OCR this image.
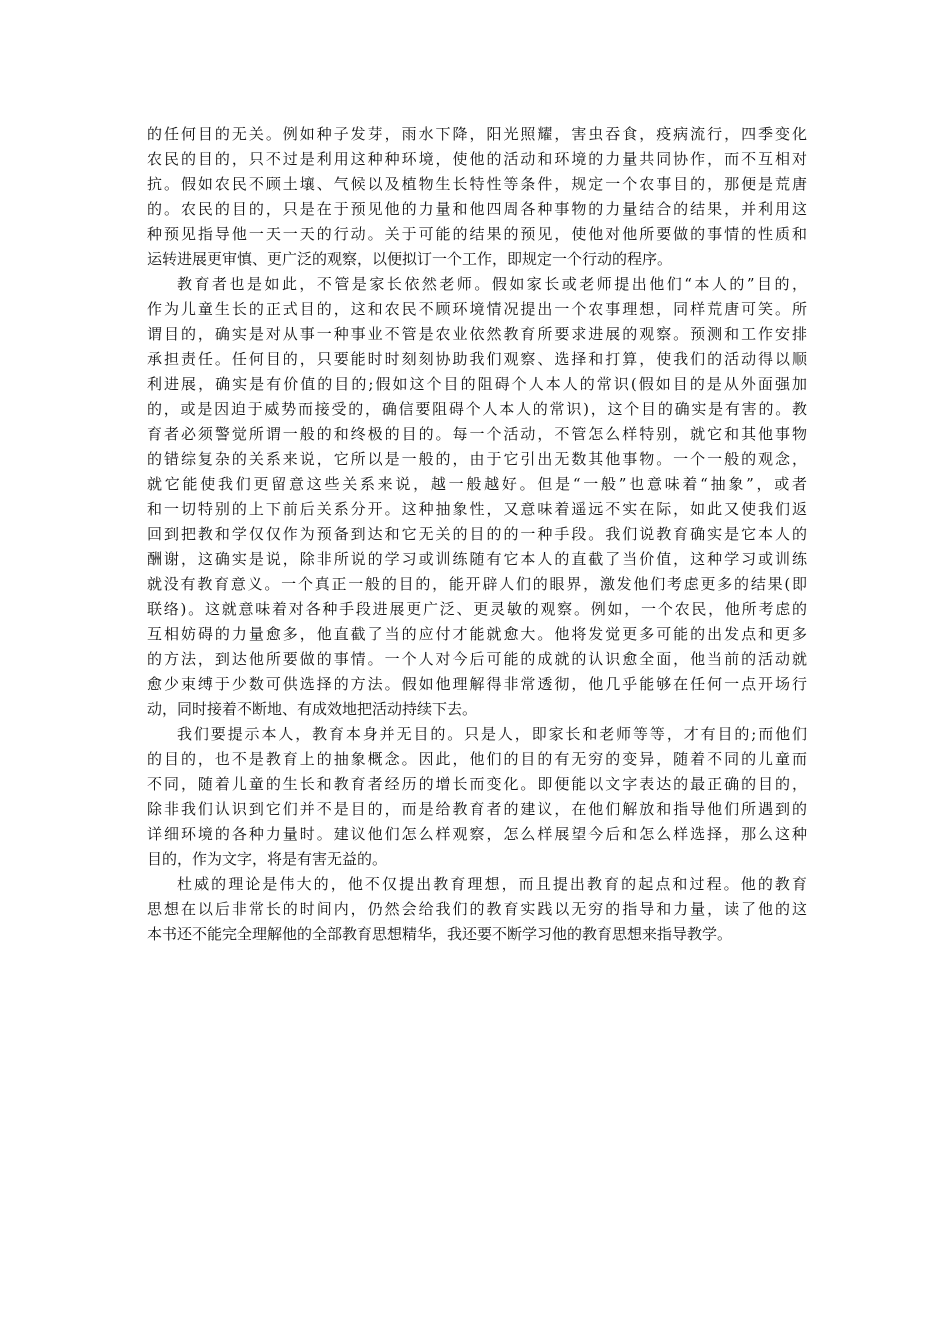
的任何目的无关。例如种子发芽，雨水下降，阳光照耀，害虫吞食，疫病流行，四季变化
农民的目的，只不过是利用这种种环境，使他的活动和环境的力量共同协作，而不互相对
抗。假如农民不顾土壤、气候以及植物生长特性等条件，规定一个农事目的，那便是荒唐
的。农民的目的，只是在于预见他的力量和他四周各种事物的力量结合的结果，并利用这
种预见指导他一天一天的行动。关于可能的结果的预见，使他对他所要做的事情的性质和
运转进展更审慎、更广泛的观察，以便拟订一个工作，即规定一个行动的程序。
教育者也是如此，不管是家长依然老师。假如家长或老师提出他们“本人的”目的，
作为儿童生长的正式目的，这和农民不顾环境情况提出一个农事理想，同样荒唐可笑。所
谓目的，确实是对从事一种事业不管是农业依然教育所要求进展的观察。预测和工作安排
承担责任。任何目的，只要能时时刻刻协助我们观察、选择和打算，使我们的活动得以顺
利进展，确实是有价值的目的;假如这个目的阻碍个人本人的常识(假如目的是从外面强加
的，或是因迫于威势而接受的，确信要阻碍个人本人的常识)，这个目的确实是有害的。教
育者必须警觉所谓一般的和终极的目的。每一个活动，不管怎么样特别，就它和其他事物
的错综复杂的关系来说，它所以是一般的，由于它引出无数其他事物。一个一般的观念，
就它能使我们更留意这些关系来说，越一般越好。但是“一般”也意味着“抽象”，或者
和一切特别的上下前后关系分开。这种抽象性，又意味着遥远不实在际，如此又使我们返
回到把教和学仅仅作为预备到达和它无关的目的的一种手段。我们说教育确实是它本人的
酬谢，这确实是说，除非所说的学习或训练随有它本人的直截了当价值，这种学习或训练
就没有教育意义。一个真正一般的目的，能开辟人们的眼界，激发他们考虑更多的结果(即
联络)。这就意味着对各种手段进展更广泛、更灵敏的观察。例如，一个农民，他所考虑的
互相妨碍的力量愈多，他直截了当的应付才能就愈大。他将发觉更多可能的出发点和更多
的方法，到达他所要做的事情。一个人对今后可能的成就的认识愈全面，他当前的活动就
愈少束缚于少数可供选择的方法。假如他理解得非常透彻，他几乎能够在任何一点开场行
动，同时接着不断地、有成效地把活动持续下去。
我们要提示本人，教育本身并无目的。只是人，即家长和老师等等，才有目的;而他们
的目的，也不是教育上的抽象概念。因此，他们的目的有无穷的变异，随着不同的儿童而
不同，随着儿童的生长和教育者经历的增长而变化。即便能以文字表达的最正确的目的，
除非我们认识到它们并不是目的，而是给教育者的建议，在他们解放和指导他们所遇到的
详细环境的各种力量时。建议他们怎么样观察，怎么样展望今后和怎么样选择，那么这种
目的，作为文字，将是有害无益的。
杜威的理论是伟大的，他不仅提出教育理想，而且提出教育的起点和过程。他的教育
思想在以后非常长的时间内，仍然会给我们的教育实践以无穷的指导和力量，读了他的这
本书还不能完全理解他的全部教育思想精华，我还要不断学习他的教育思想来指导教学。
